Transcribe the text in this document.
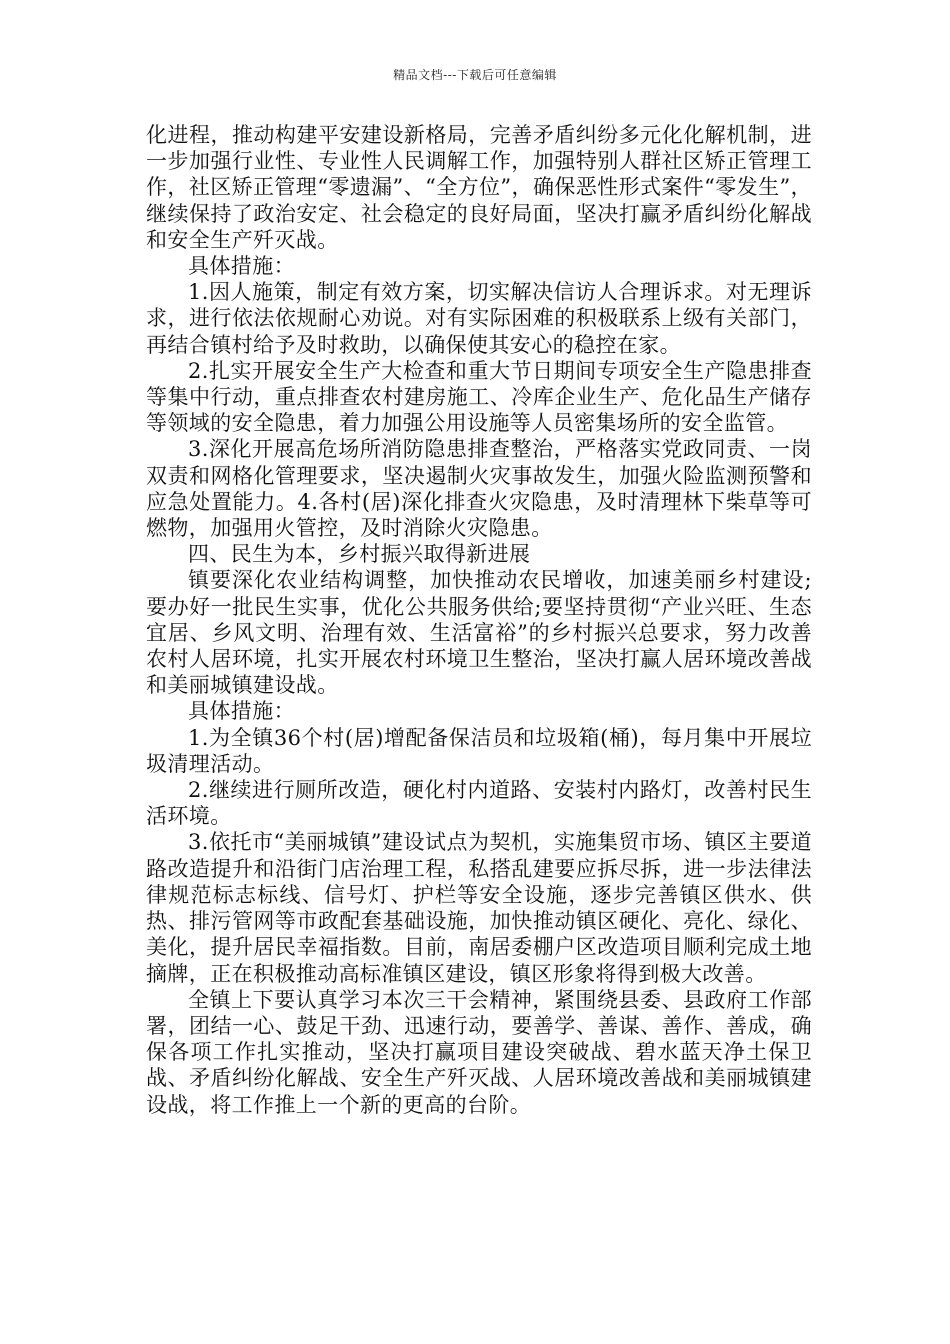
精品文档---下载后可任意编辑

化进程，推动构建平安建设新格局，完善矛盾纠纷多元化化解机制，进一步加强行业性、专业性人民调解工作，加强特别人群社区矫正管理工作，社区矫正管理“零遗漏”、“全方位”，确保恶性形式案件“零发生”，继续保持了政治安定、社会稳定的良好局面，坚决打赢矛盾纠纷化解战和安全生产歼灭战。

具体措施：

1.因人施策，制定有效方案，切实解决信访人合理诉求。对无理诉求，进行依法依规耐心劝说。对有实际困难的积极联系上级有关部门，再结合镇村给予及时救助，以确保使其安心的稳控在家。

2.扎实开展安全生产大检查和重大节日期间专项安全生产隐患排查等集中行动，重点排查农村建房施工、冷库企业生产、危化品生产储存等领域的安全隐患，着力加强公用设施等人员密集场所的安全监管。

3.深化开展高危场所消防隐患排查整治，严格落实党政同责、一岗双责和网格化管理要求，坚决遏制火灾事故发生，加强火险监测预警和应急处置能力。4.各村(居)深化排查火灾隐患，及时清理林下柴草等可燃物，加强用火管控，及时消除火灾隐患。

四、民生为本，乡村振兴取得新进展

镇要深化农业结构调整，加快推动农民增收，加速美丽乡村建设;要办好一批民生实事，优化公共服务供给;要坚持贯彻“产业兴旺、生态宜居、乡风文明、治理有效、生活富裕”的乡村振兴总要求，努力改善农村人居环境，扎实开展农村环境卫生整治，坚决打赢人居环境改善战和美丽城镇建设战。

具体措施：

1.为全镇36个村(居)增配备保洁员和垃圾箱(桶)，每月集中开展垃圾清理活动。

2.继续进行厕所改造，硬化村内道路、安装村内路灯，改善村民生活环境。

3.依托市“美丽城镇”建设试点为契机，实施集贸市场、镇区主要道路改造提升和沿街门店治理工程，私搭乱建要应拆尽拆，进一步法律法律规范标志标线、信号灯、护栏等安全设施，逐步完善镇区供水、供热、排污管网等市政配套基础设施，加快推动镇区硬化、亮化、绿化、美化，提升居民幸福指数。目前，南居委棚户区改造项目顺利完成土地摘牌，正在积极推动高标准镇区建设，镇区形象将得到极大改善。

全镇上下要认真学习本次三干会精神，紧围绕县委、县政府工作部署，团结一心、鼓足干劲、迅速行动，要善学、善谋、善作、善成，确保各项工作扎实推动，坚决打赢项目建设突破战、碧水蓝天净土保卫战、矛盾纠纷化解战、安全生产歼灭战、人居环境改善战和美丽城镇建设战，将工作推上一个新的更高的台阶。
